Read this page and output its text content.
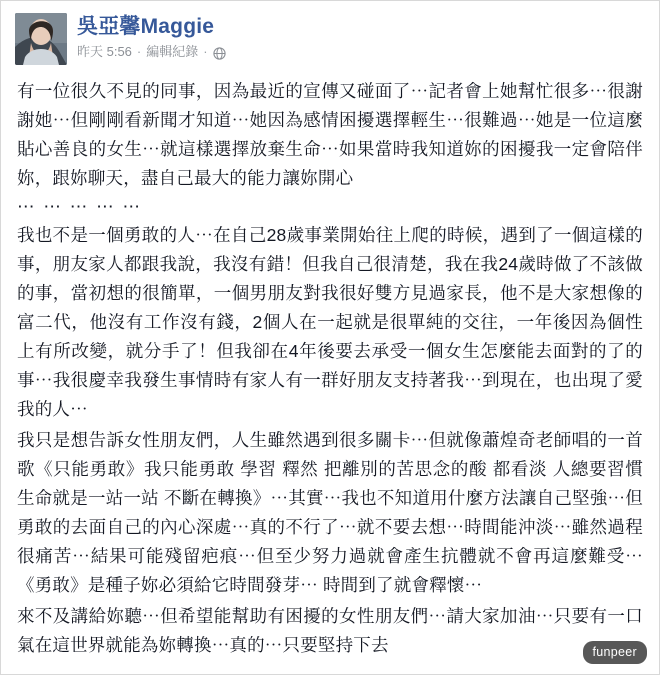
吳亞馨Maggie
昨天 5:56 · 編輯紀錄 ·

有一位很久不見的同事，因為最近的宣傳又碰面了⋯記者會上她幫忙很多⋯很謝謝她⋯但剛剛看新聞才知道⋯她因為感情困擾選擇輕生⋯很難過⋯她是一位這麼貼心善良的女生⋯就這樣選擇放棄生命⋯如果當時我知道妳的困擾我一定會陪伴妳，跟妳聊天，盡自己最大的能力讓妳開心

⋯ ⋯ ⋯ ⋯ ⋯

我也不是一個勇敢的人⋯在自己28歲事業開始往上爬的時候，遇到了一個這樣的事，朋友家人都跟我說，我沒有錯！但我自己很清楚，我在我24歲時做了不該做的事，當初想的很簡單，一個男朋友對我很好雙方見過家長，他不是大家想像的富二代，他沒有工作沒有錢，2個人在一起就是很單純的交往，一年後因為個性上有所改變，就分手了！但我卻在4年後要去承受一個女生怎麼能去面對的了的事⋯我很慶幸我發生事情時有家人有一群好朋友支持著我⋯到現在，也出現了愛我的人⋯

我只是想告訴女性朋友們，人生雖然遇到很多關卡⋯但就像蕭煌奇老師唱的一首歌《只能勇敢》我只能勇敢 學習 釋然 把離別的苦思念的酸 都看淡 人總要習慣 生命就是一站一站 不斷在轉換》⋯其實⋯我也不知道用什麼方法讓自己堅強⋯但勇敢的去面自己的內心深處⋯真的不行了⋯就不要去想⋯時間能沖淡⋯雖然過程很痛苦⋯結果可能殘留疤痕⋯但至少努力過就會產生抗體就不會再這麼難受⋯《勇敢》是種子妳必須給它時間發芽⋯ 時間到了就會釋懷⋯

來不及講給妳聽⋯但希望能幫助有困擾的女性朋友們⋯請大家加油⋯只要有一口氣在這世界就能為妳轉換⋯真的⋯只要堅持下去	funpeer
